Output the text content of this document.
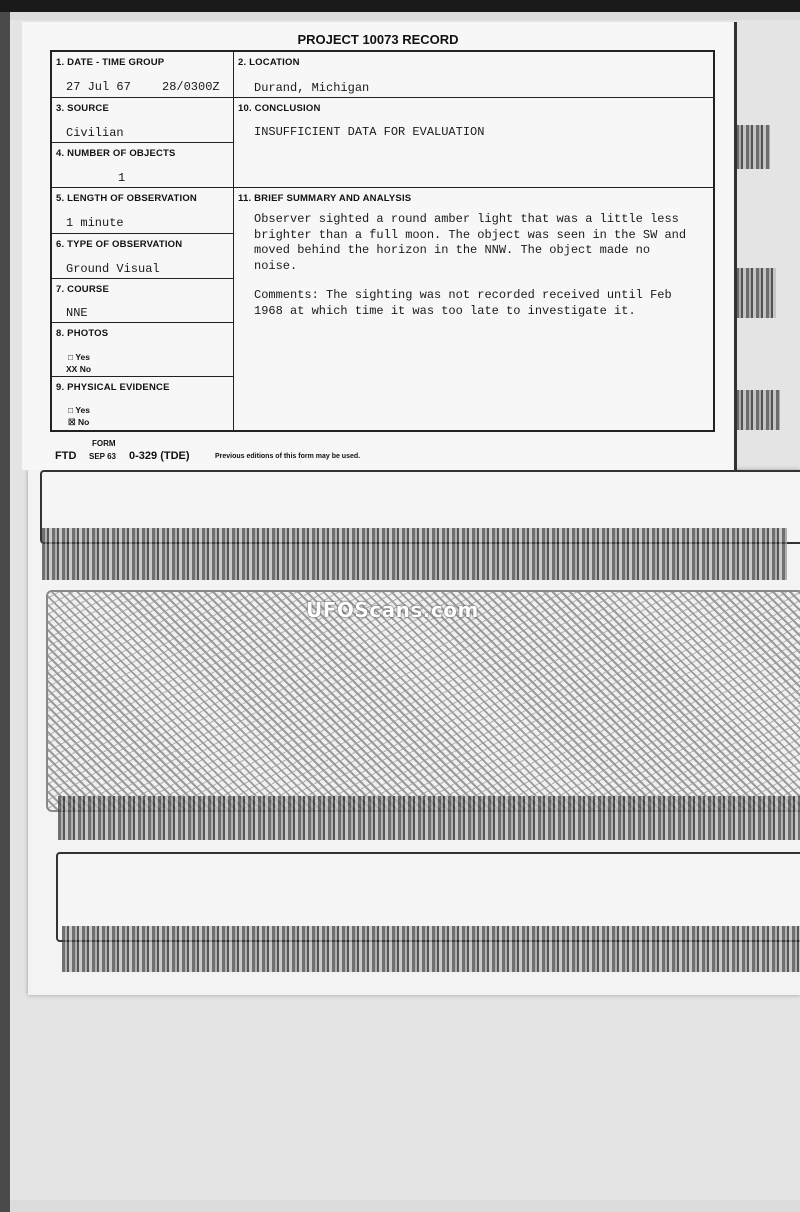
UFOScans.com
PROJECT 10073 RECORD
1. DATE - TIME GROUP
27 Jul 67	28/0300Z
2. LOCATION
Durand, Michigan
3. SOURCE
Civilian
10. CONCLUSION
INSUFFICIENT DATA FOR EVALUATION
4. NUMBER OF OBJECTS
1
5. LENGTH OF OBSERVATION
1 minute
11. BRIEF SUMMARY AND ANALYSIS
Observer sighted a round amber light that was a little less
brighter than a full moon. The object was seen in the SW and
moved behind the horizon in the NNW. The object made no
noise.
Comments: The sighting was not recorded received until Feb
1968 at which time it was too late to investigate it.
6. TYPE OF OBSERVATION
Ground Visual
7. COURSE
NNE
8. PHOTOS
□ Yes
XX No
9. PHYSICAL EVIDENCE
□ Yes
☒ No
FORM
FTD SEP 63 0-329 (TDE)	Previous editions of this form may be used.
